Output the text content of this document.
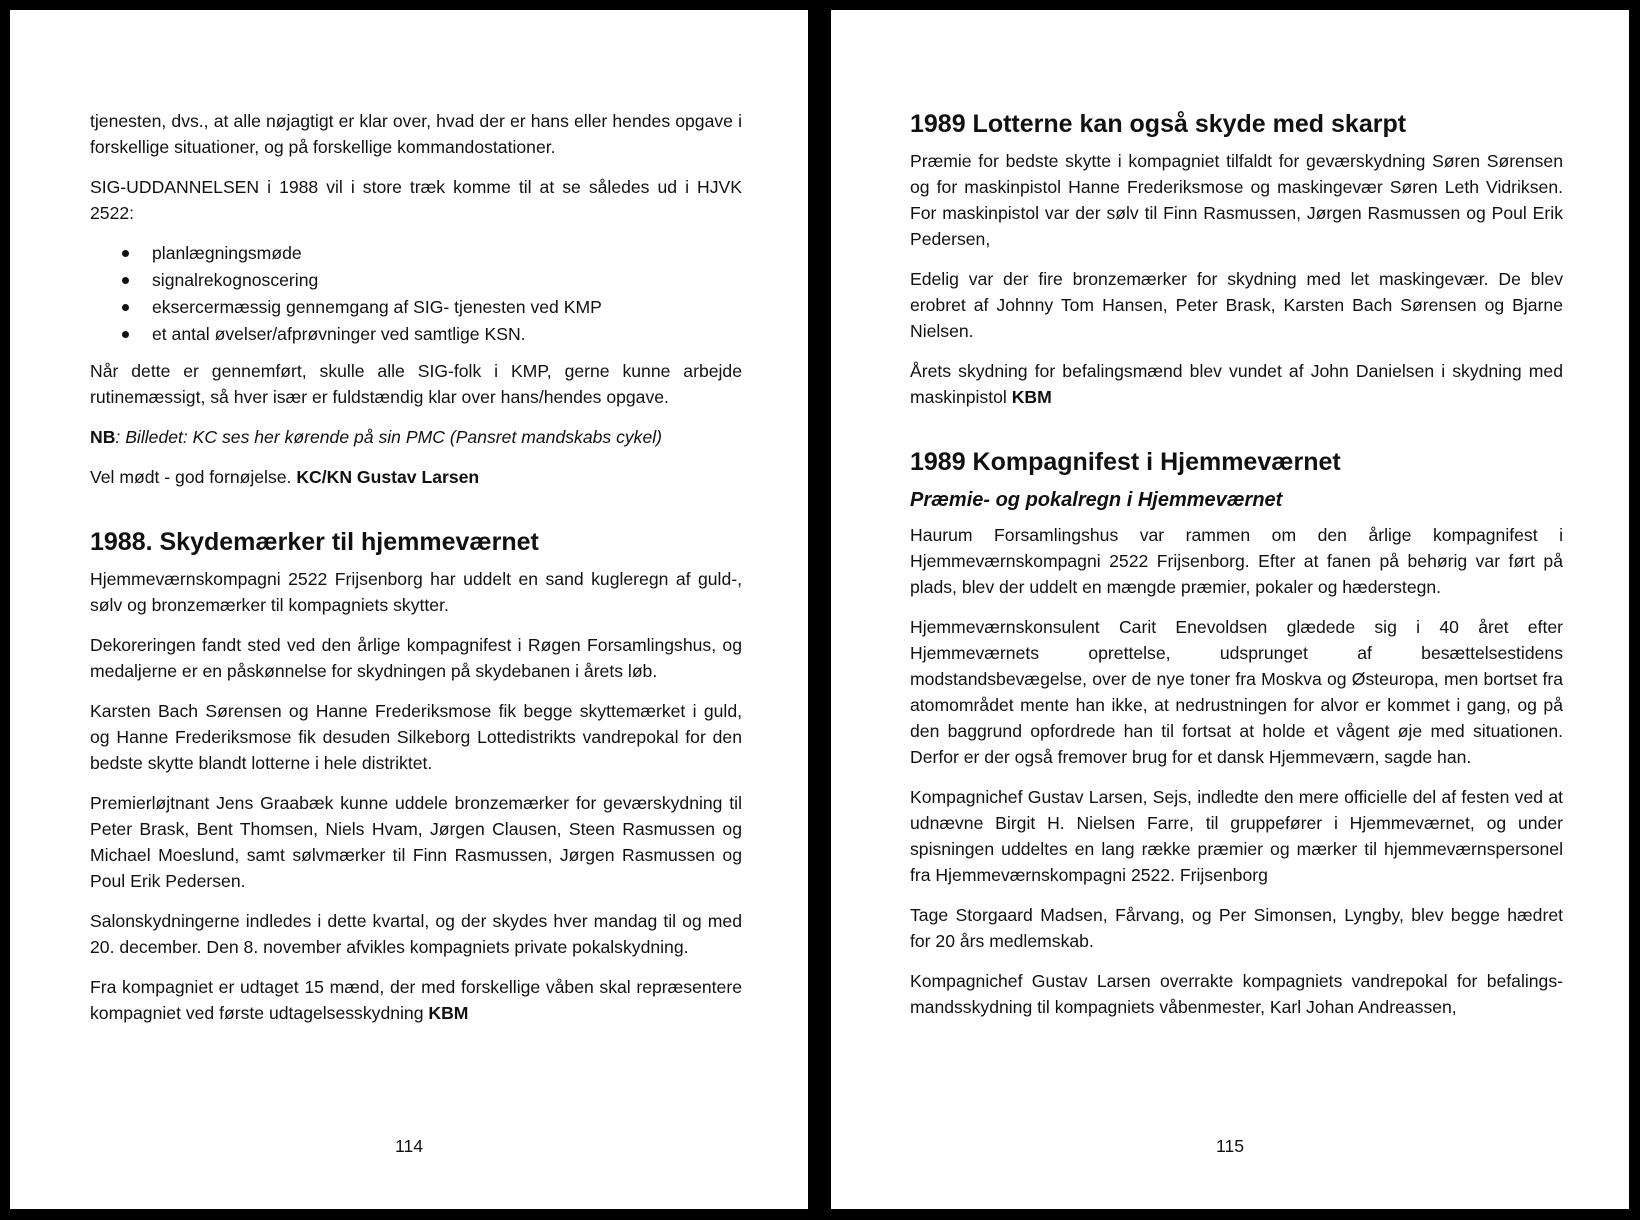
tjenesten, dvs., at alle nøjagtigt er klar over, hvad der er hans eller hendes opgave i forskellige situationer, og på forskellige kommandostationer.

SIG-UDDANNELSEN i 1988 vil i store træk komme til at se således ud i HJVK 2522:

planlægningsmøde
signalrekognoscering
eksercermæssig gennemgang af SIG- tjenesten ved KMP
et antal øvelser/afprøvninger ved samtlige KSN.

Når dette er gennemført, skulle alle SIG-folk i KMP, gerne kunne arbejde rutinemæssigt, så hver især er fuldstændig klar over hans/hendes opgave.

NB: Billedet: KC ses her kørende på sin PMC (Pansret mandskabs cykel)

Vel mødt - god fornøjelse. KC/KN Gustav Larsen

1988. Skydemærker til hjemmeværnet

Hjemmeværnskompagni 2522 Frijsenborg har uddelt en sand kugleregn af guld-, sølv og bronzemærker til kompagniets skytter.

Dekoreringen fandt sted ved den årlige kompagnifest i Røgen Forsamlingshus, og medaljerne er en påskønnelse for skydningen på skydebanen i årets løb.

Karsten Bach Sørensen og Hanne Frederiksmose fik begge skyttemærket i guld, og Hanne Frederiksmose fik desuden Silkeborg Lottedistrikts vandrepokal for den bedste skytte blandt lotterne i hele distriktet.

Premierløjtnant Jens Graabæk kunne uddele bronzemærker for geværskydning til Peter Brask, Bent Thomsen, Niels Hvam, Jørgen Clausen, Steen Rasmussen og Michael Moeslund, samt sølvmærker til Finn Rasmussen, Jørgen Rasmussen og Poul Erik Pedersen.

Salonskydningerne indledes i dette kvartal, og der skydes hver mandag til og med 20. december. Den 8. november afvikles kompagniets private pokalskydning.

Fra kompagniet er udtaget 15 mænd, der med forskellige våben skal repræsentere kompagniet ved første udtagelsesskydning KBM

114
1989 Lotterne kan også skyde med skarpt

Præmie for bedste skytte i kompagniet tilfaldt for geværskydning Søren Sørensen og for maskinpistol Hanne Frederiksmose og maskingevær Søren Leth Vidriksen. For maskinpistol var der sølv til Finn Rasmussen, Jørgen Rasmussen og Poul Erik Pedersen,

Edelig var der fire bronzemærker for skydning med let maskingevær. De blev erobret af Johnny Tom Hansen, Peter Brask, Karsten Bach Sørensen og Bjarne Nielsen.

Årets skydning for befalingsmænd blev vundet af John Danielsen i skydning med maskinpistol KBM

1989 Kompagnifest i Hjemmeværnet
Præmie- og pokalregn i Hjemmeværnet

Haurum Forsamlingshus var rammen om den årlige kompagnifest i Hjemmeværnskompagni 2522 Frijsenborg. Efter at fanen på behørig var ført på plads, blev der uddelt en mængde præmier, pokaler og hæderstegn.

Hjemmeværnskonsulent Carit Enevoldsen glædede sig i 40 året efter Hjemmeværnets oprettelse, udsprunget af besættelsestidens modstandsbevægelse, over de nye toner fra Moskva og Østeuropa, men bortset fra atomområdet mente han ikke, at nedrustningen for alvor er kommet i gang, og på den baggrund opfordrede han til fortsat at holde et vågent øje med situationen. Derfor er der også fremover brug for et dansk Hjemmeværn, sagde han.

Kompagnichef Gustav Larsen, Sejs, indledte den mere officielle del af festen ved at udnævne Birgit H. Nielsen Farre, til gruppefører i Hjemmeværnet, og under spisningen uddeltes en lang række præmier og mærker til hjemmeværnspersonel fra Hjemmeværnskompagni 2522. Frijsenborg

Tage Storgaard Madsen, Fårvang, og Per Simonsen, Lyngby, blev begge hædret for 20 års medlemskab.

Kompagnichef Gustav Larsen overrakte kompagniets vandrepokal for befalings-mandsskydning til kompagniets våbenmester, Karl Johan Andreassen,

115
